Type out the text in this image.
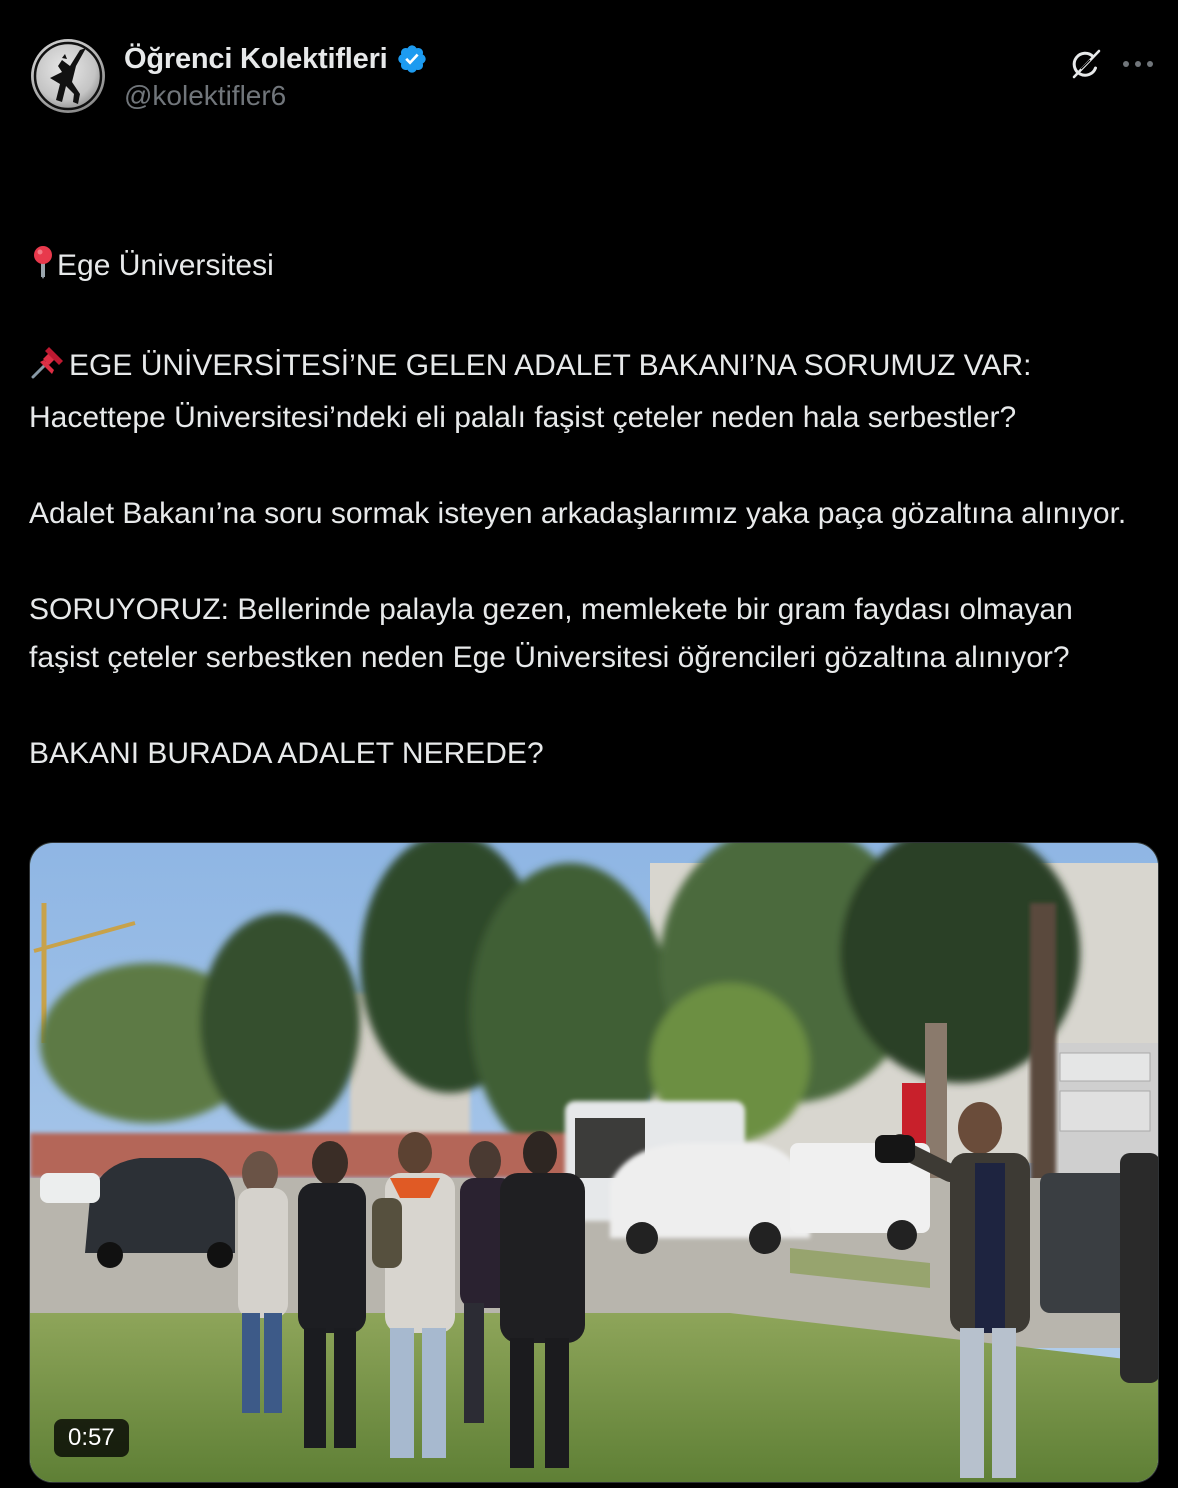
Öğrenci Kolektifleri
@kolektifler6

Ege Üniversitesi
EGE ÜNİVERSİTESİ’NE GELEN ADALET BAKANI’NA SORUMUZ VAR: Hacettepe Üniversitesi’ndeki eli palalı faşist çeteler neden hala serbestler?
Adalet Bakanı’na soru sormak isteyen arkadaşlarımız yaka paça gözaltına alınıyor.
SORUYORUZ: Bellerinde palayla gezen, memlekete bir gram faydası olmayan faşist çeteler serbestken neden Ege Üniversitesi öğrencileri gözaltına alınıyor?
BAKANI BURADA ADALET NEREDE?

0:57
